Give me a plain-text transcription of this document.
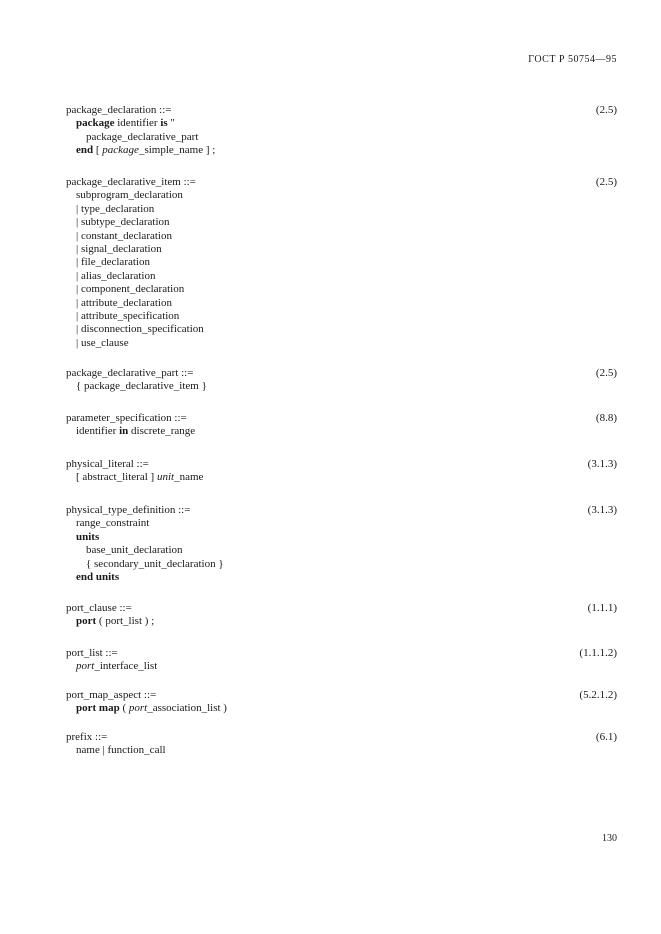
ГОСТ Р 50754—95
(2.5)
package_declaration ::=
package identifier is "
package_declarative_part
end [ package_simple_name ] ;
(2.5)
package_declarative_item ::=
subprogram_declaration
| type_declaration
| subtype_declaration
| constant_declaration
| signal_declaration
| file_declaration
| alias_declaration
| component_declaration
| attribute_declaration
| attribute_specification
| disconnection_specification
| use_clause
(2.5)
package_declarative_part ::=
{ package_declarative_item }
(8.8)
parameter_specification ::=
identifier in discrete_range
(3.1.3)
physical_literal ::=
[ abstract_literal ] unit_name
(3.1.3)
physical_type_definition ::=
range_constraint
units
base_unit_declaration
{ secondary_unit_declaration }
end units
(1.1.1)
port_clause ::=
port ( port_list ) ;
(1.1.1.2)
port_list ::=
port_interface_list
(5.2.1.2)
port_map_aspect ::=
port map ( port_association_list )
(6.1)
prefix ::=
name | function_call
130
